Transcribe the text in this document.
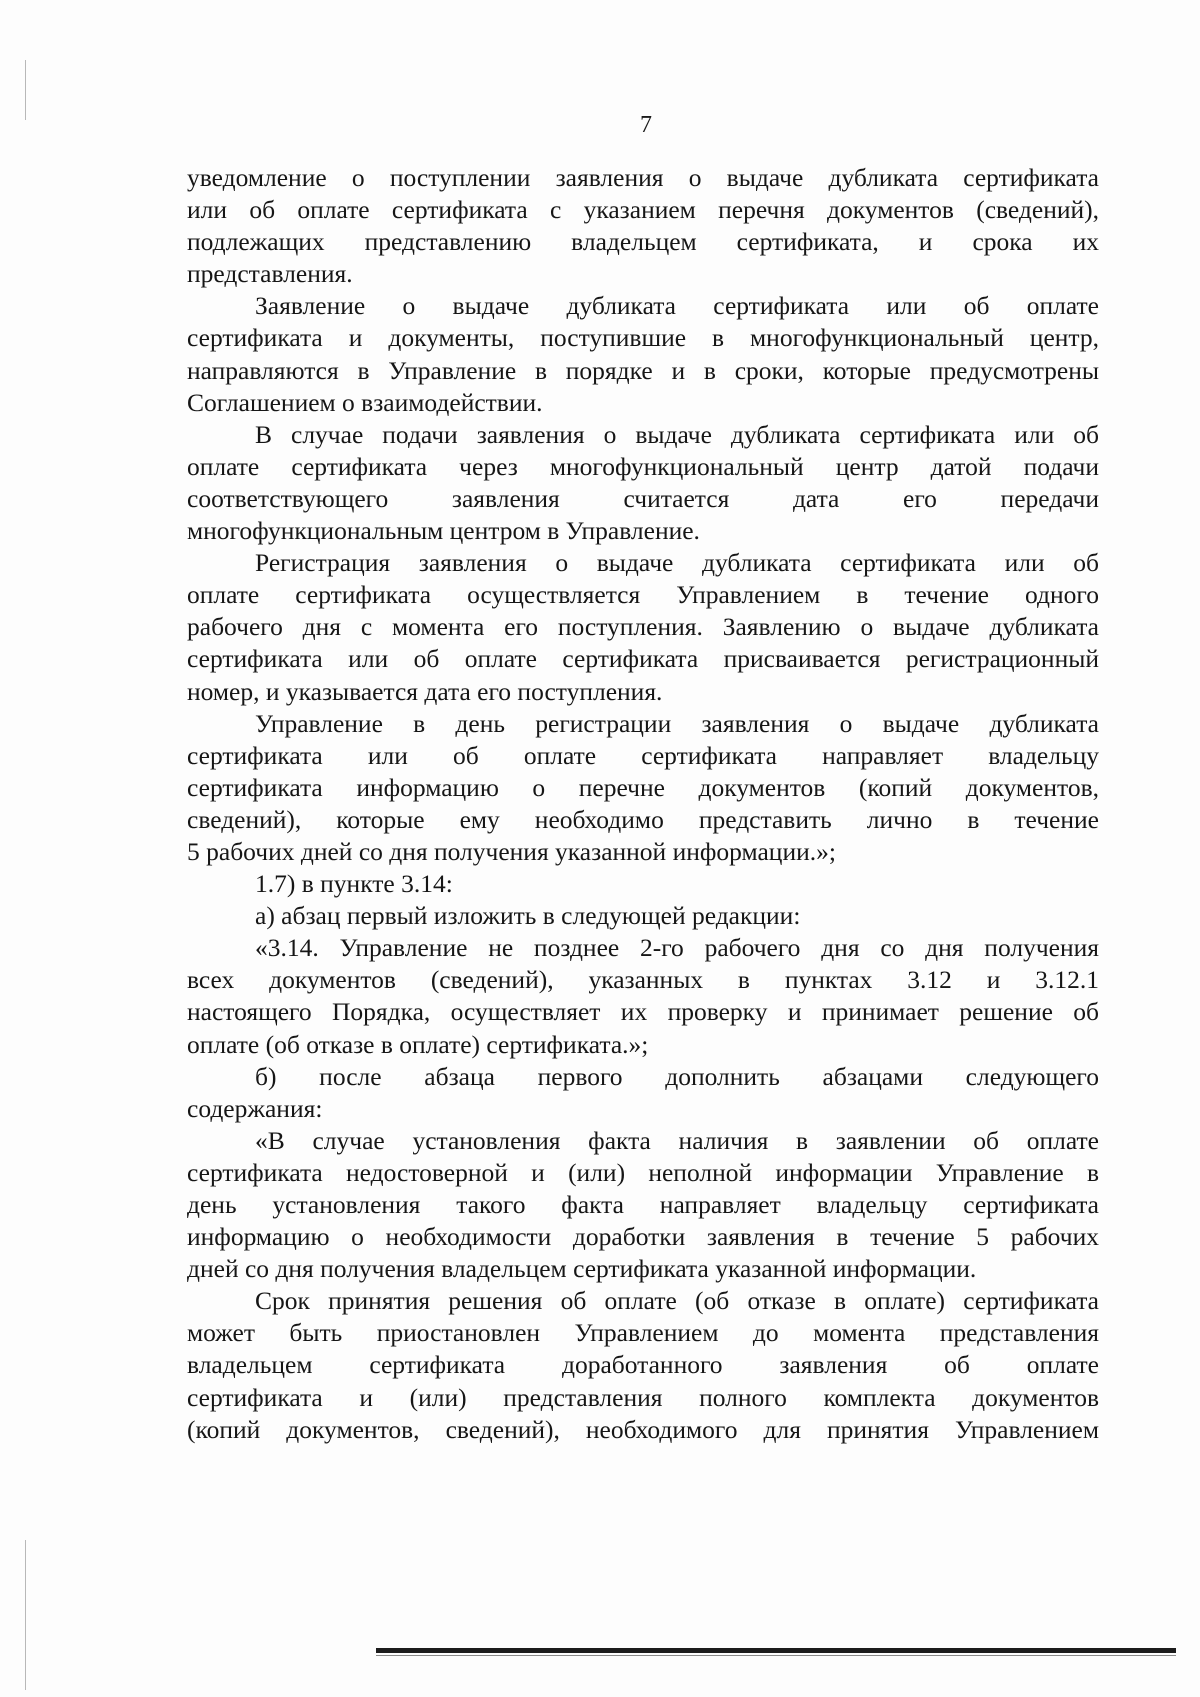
7
уведомление о поступлении заявления о выдаче дубликата сертификата
или об оплате сертификата с указанием перечня документов (сведений),
подлежащих представлению владельцем сертификата, и срока их
представления.
Заявление о выдаче дубликата сертификата или об оплате
сертификата и документы, поступившие в многофункциональный центр,
направляются в Управление в порядке и в сроки, которые предусмотрены
Соглашением о взаимодействии.
В случае подачи заявления о выдаче дубликата сертификата или об
оплате сертификата через многофункциональный центр датой подачи
соответствующего заявления считается дата его передачи
многофункциональным центром в Управление.
Регистрация заявления о выдаче дубликата сертификата или об
оплате сертификата осуществляется Управлением в течение одного
рабочего дня с момента его поступления. Заявлению о выдаче дубликата
сертификата или об оплате сертификата присваивается регистрационный
номер, и указывается дата его поступления.
Управление в день регистрации заявления о выдаче дубликата
сертификата или об оплате сертификата направляет владельцу
сертификата информацию о перечне документов (копий документов,
сведений), которые ему необходимо представить лично в течение
5 рабочих дней со дня получения указанной информации.»;
1.7) в пункте 3.14:
а) абзац первый изложить в следующей редакции:
«3.14. Управление не позднее 2-го рабочего дня со дня получения
всех документов (сведений), указанных в пунктах 3.12 и 3.12.1
настоящего Порядка, осуществляет их проверку и принимает решение об
оплате (об отказе в оплате) сертификата.»;
б) после абзаца первого дополнить абзацами следующего
содержания:
«В случае установления факта наличия в заявлении об оплате
сертификата недостоверной и (или) неполной информации Управление в
день установления такого факта направляет владельцу сертификата
информацию о необходимости доработки заявления в течение 5 рабочих
дней со дня получения владельцем сертификата указанной информации.
Срок принятия решения об оплате (об отказе в оплате) сертификата
может быть приостановлен Управлением до момента представления
владельцем сертификата доработанного заявления об оплате
сертификата и (или) представления полного комплекта документов
(копий документов, сведений), необходимого для принятия Управлением
